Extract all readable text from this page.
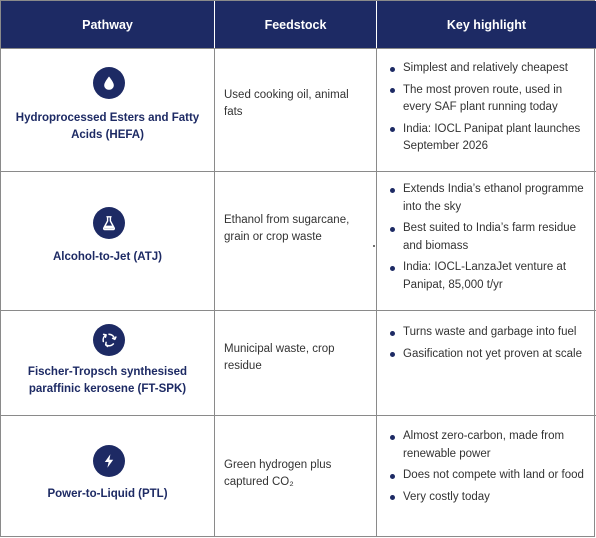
Pathway	Feedstock	Key highlight
Hydroprocessed Esters and Fatty Acids (HEFA)
Used cooking oil, animal fats
Simplest and relatively cheapest
The most proven route, used in every SAF plant running today
India: IOCL Panipat plant launches September 2026
Alcohol-to-Jet (ATJ)
Ethanol from sugarcane, grain or crop waste
Extends India’s ethanol programme into the sky
Best suited to India’s farm residue and biomass
India: IOCL-LanzaJet venture at Panipat, 85,000 t/yr
Fischer-Tropsch synthesised paraffinic kerosene (FT-SPK)
Municipal waste, crop residue
Turns waste and garbage into fuel
Gasification not yet proven at scale
Power-to-Liquid (PTL)
Green hydrogen plus captured CO₂
Almost zero-carbon, made from renewable power
Does not compete with land or food
Very costly today
